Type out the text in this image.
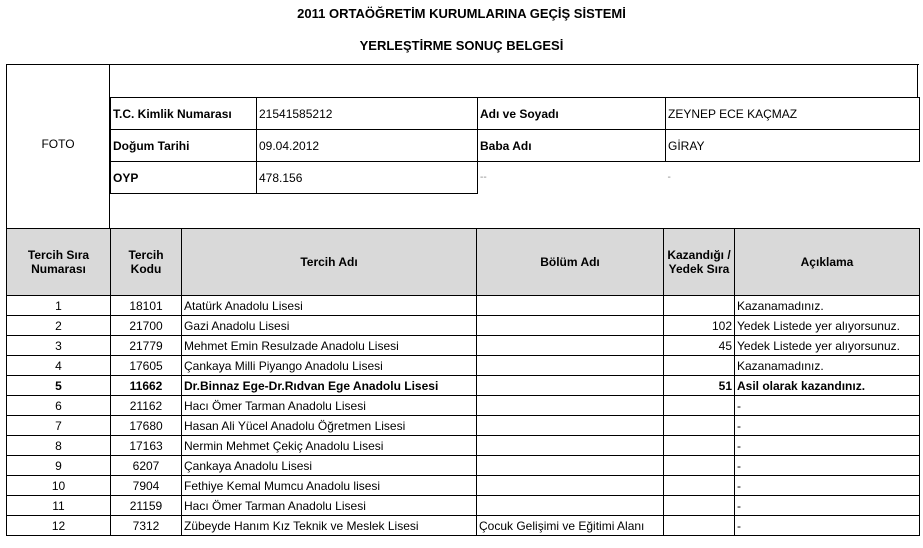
2011 ORTAÖĞRETİM KURUMLARINA GEÇİŞ SİSTEMİ
YERLEŞTİRME SONUÇ BELGESİ
FOTO
T.C. Kimlik Numarası	21541585212	Adı ve Soyadı	ZEYNEP ECE KAÇMAZ
Doğum Tarihi	09.04.2012	Baba Adı	GİRAY
OYP	478.156	--	-
Tercih Sıra Numarası	Tercih Kodu	Tercih Adı	Bölüm Adı	Kazandığı / Yedek Sıra	Açıklama
1	18101	Atatürk Anadolu Lisesi			Kazanamadınız.
2	21700	Gazi Anadolu Lisesi		102	Yedek Listede yer alıyorsunuz.
3	21779	Mehmet Emin Resulzade Anadolu Lisesi		45	Yedek Listede yer alıyorsunuz.
4	17605	Çankaya Milli Piyango Anadolu Lisesi			Kazanamadınız.
5	11662	Dr.Binnaz Ege-Dr.Rıdvan Ege Anadolu Lisesi		51	Asil olarak kazandınız.
6	21162	Hacı Ömer Tarman Anadolu Lisesi			-
7	17680	Hasan Ali Yücel Anadolu Öğretmen Lisesi			-
8	17163	Nermin Mehmet Çekiç Anadolu Lisesi			-
9	6207	Çankaya Anadolu Lisesi			-
10	7904	Fethiye Kemal Mumcu Anadolu lisesi			-
11	21159	Hacı Ömer Tarman Anadolu Lisesi			-
12	7312	Zübeyde Hanım Kız Teknik ve Meslek Lisesi	Çocuk Gelişimi ve Eğitimi Alanı		-
